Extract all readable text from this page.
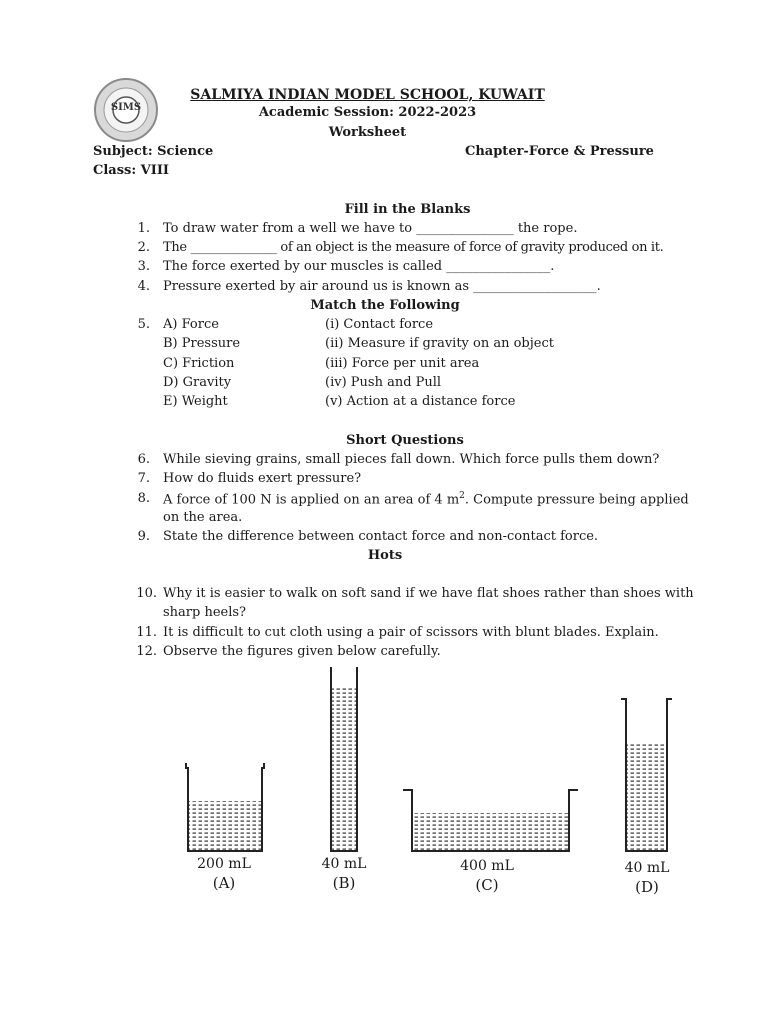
SIMS
SALMIYA INDIAN MODEL SCHOOL, KUWAIT
Academic Session: 2022-2023
Worksheet
Subject: Science	Chapter-Force & Pressure
Class: VIII
Fill in the Blanks
1. To draw water from a well we have to _______________ the rope.
2. The ______________ of an object is the measure of force of gravity produced on it.
3. The force exerted by our muscles is called ________________.
4. Pressure exerted by air around us is known as ___________________.
Match the Following
5. A) Force
B) Pressure
C) Friction
D) Gravity
E) Weight
(i) Contact force
(ii) Measure if gravity on an object
(iii) Force per unit area
(iv) Push and Pull
(v) Action at a distance force
Short Questions
6. While sieving grains, small pieces fall down. Which force pulls them down?
7. How do fluids exert pressure?
8. A force of 100 N is applied on an area of 4 $m^2$. Compute pressure being applied
on the area.
9. State the difference between contact force and non-contact force.
Hots
10. Why it is easier to walk on soft sand if we have flat shoes rather than shoes with
sharp heels?
11. It is difficult to cut cloth using a pair of scissors with blunt blades. Explain.
12. Observe the figures given below carefully.
200 mL
(A)
40 mL
(B)
400 mL
(C)
40 mL
(D)
